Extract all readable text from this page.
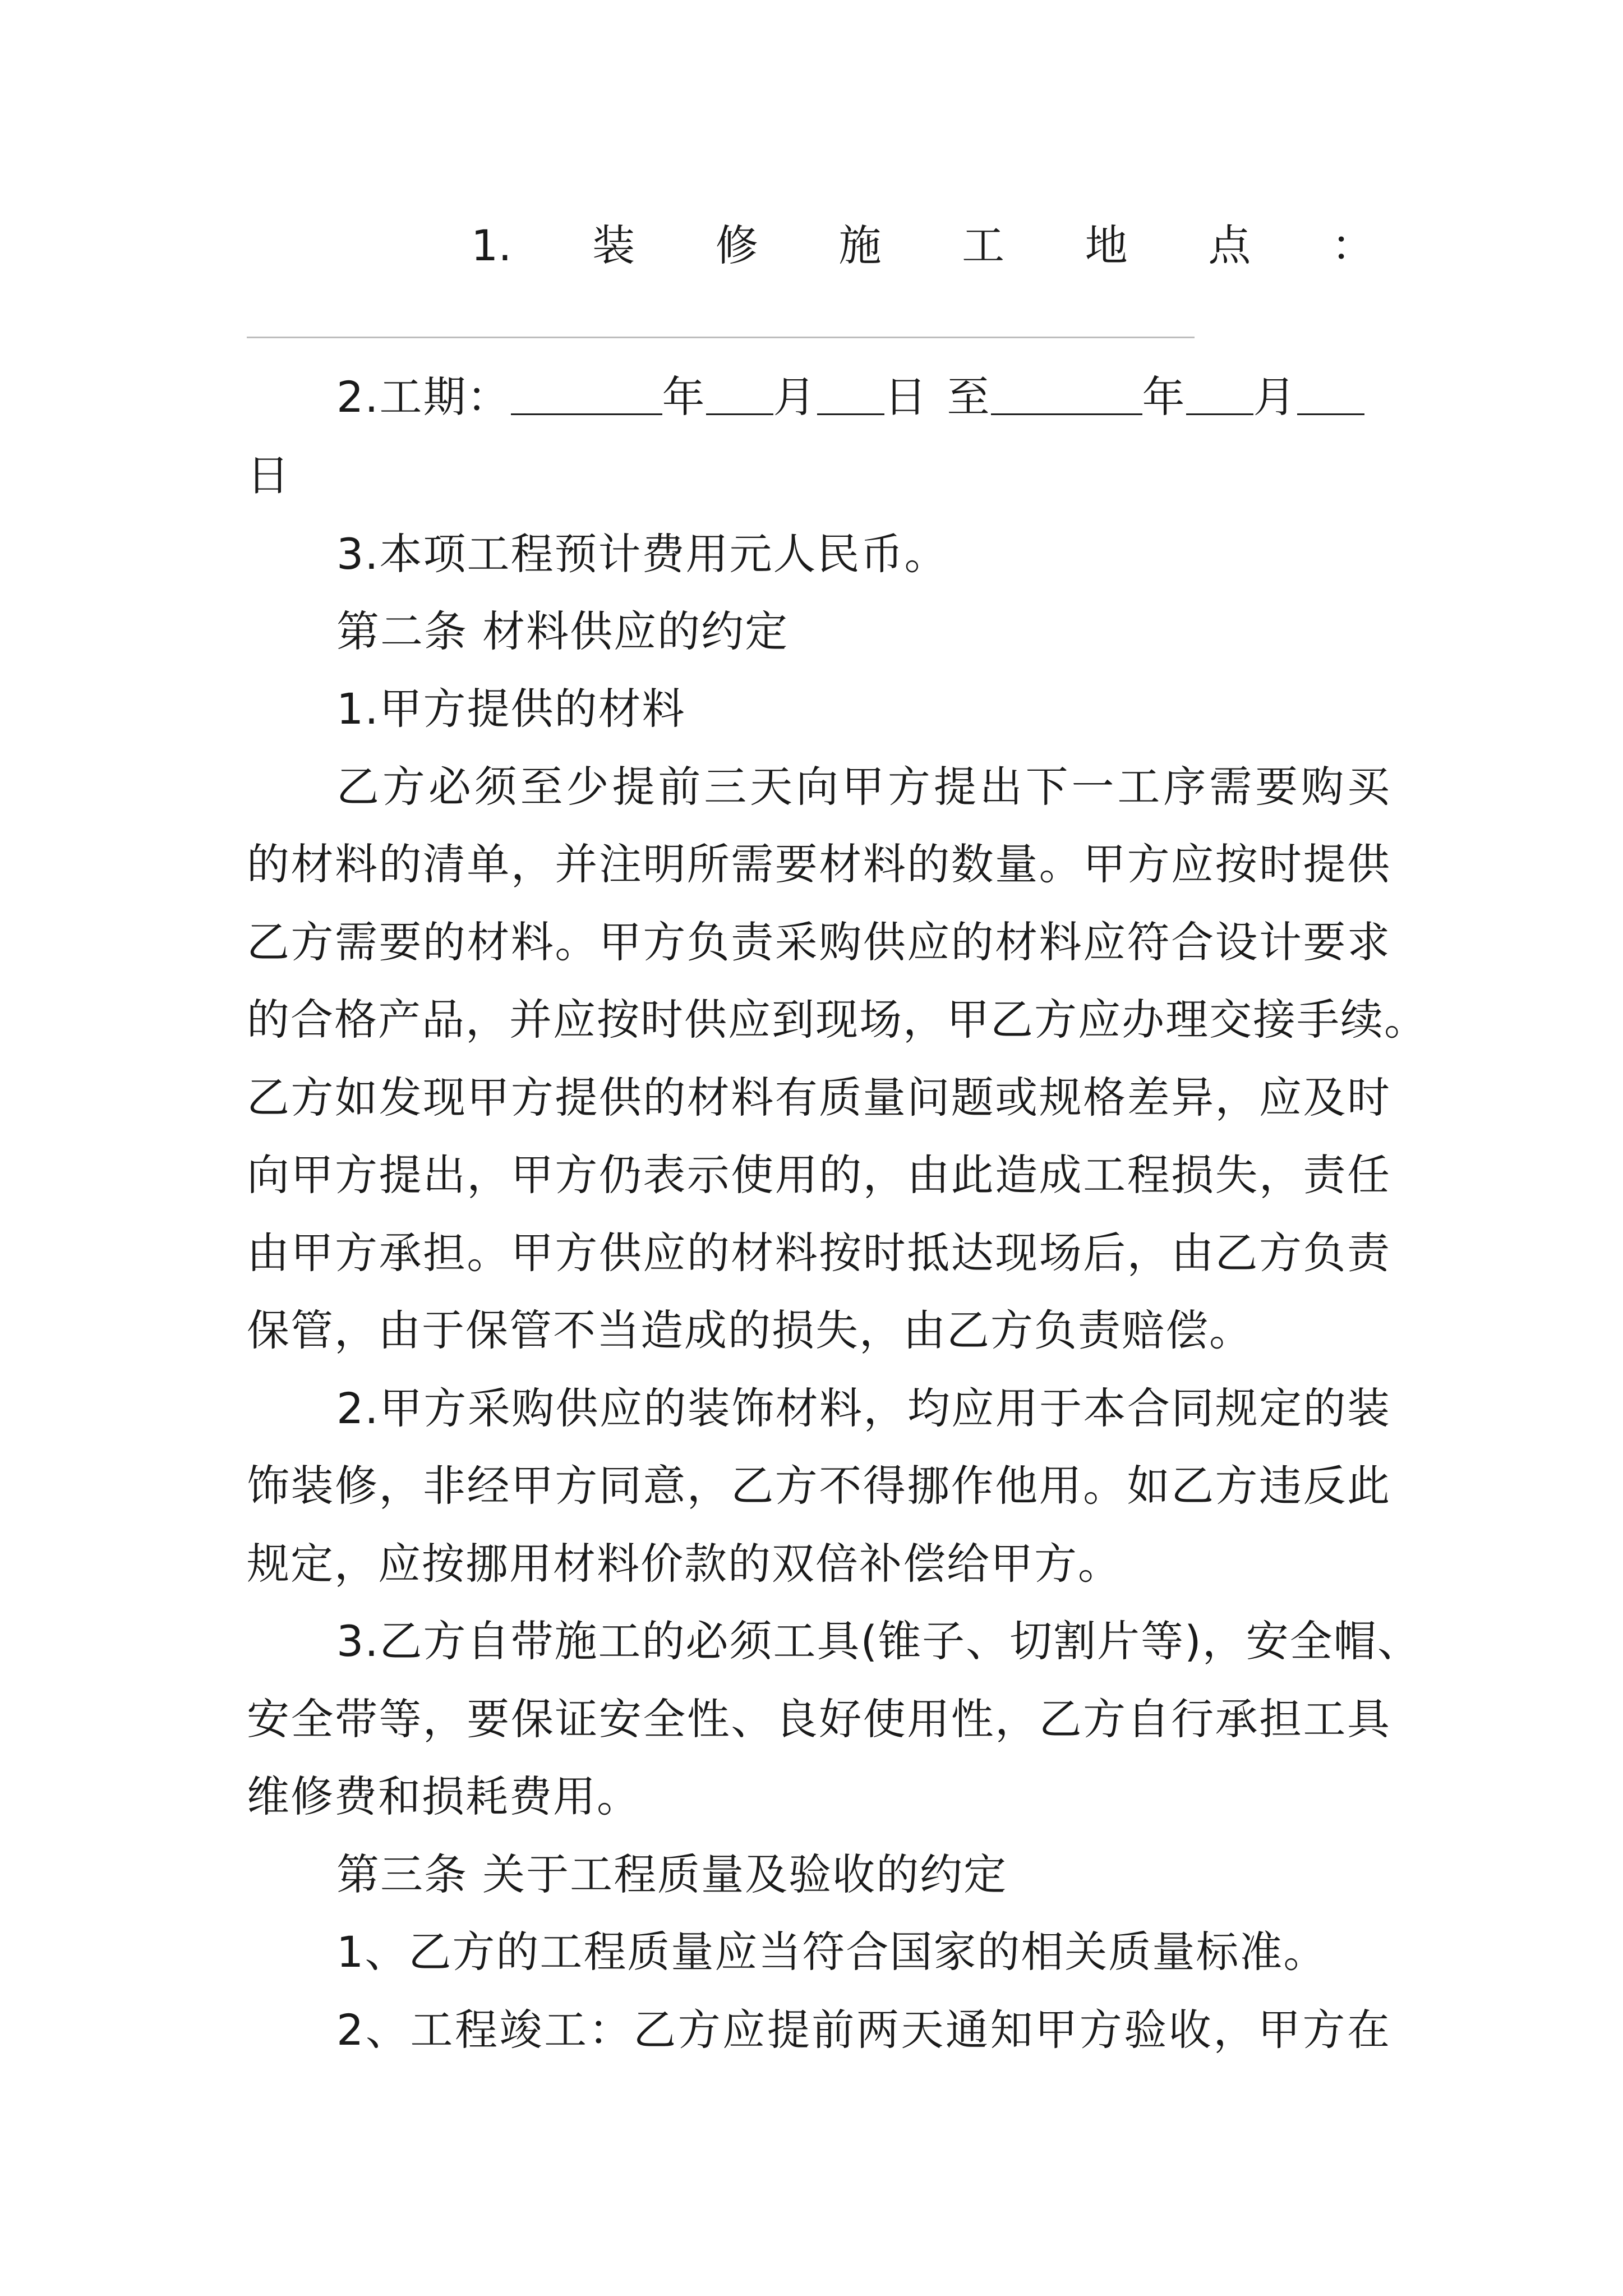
1. 装 修 施 工 地 点 ：
2.工期：	年 月 日 至	年 月
日
3.本项工程预计费用元人民币。
第二条 材料供应的约定
1.甲方提供的材料
乙方必须至少提前三天向甲方提出下一工序需要购买
的材料的清单，并注明所需要材料的数量。甲方应按时提供
乙方需要的材料。甲方负责采购供应的材料应符合设计要求
的合格产品，并应按时供应到现场，甲乙方应办理交接手续。
乙方如发现甲方提供的材料有质量问题或规格差异，应及时
向甲方提出，甲方仍表示使用的，由此造成工程损失，责任
由甲方承担。甲方供应的材料按时抵达现场后，由乙方负责
保管，由于保管不当造成的损失，由乙方负责赔偿。
2.甲方采购供应的装饰材料，均应用于本合同规定的装
饰装修，非经甲方同意，乙方不得挪作他用。如乙方违反此
规定，应按挪用材料价款的双倍补偿给甲方。
3.乙方自带施工的必须工具(锥子、切割片等)，安全帽、
安全带等，要保证安全性、良好使用性，乙方自行承担工具
维修费和损耗费用。
第三条 关于工程质量及验收的约定
1、乙方的工程质量应当符合国家的相关质量标准。
2、工程竣工：乙方应提前两天通知甲方验收，甲方在
